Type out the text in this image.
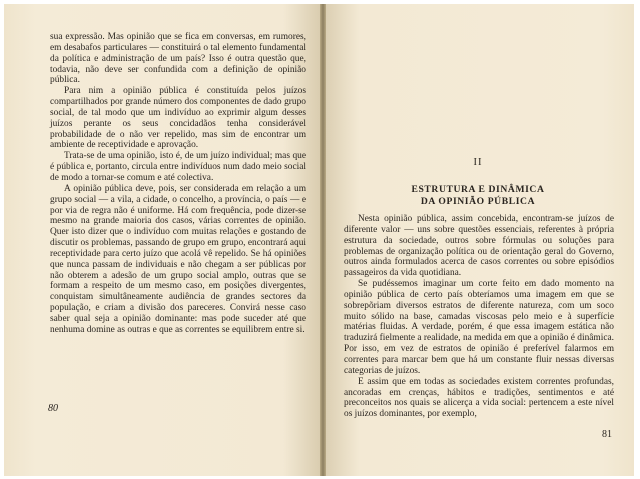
sua expressão. Mas opinião que se fica em conversas, em rumores, em desabafos particulares — constituirá o tal elemento fundamental da política e administração de um país? Isso é outra questão que, todavia, não deve ser confundida com a definição de opinião pública.

Para nim a opinião pública é constituída pelos juízos compartilhados por grande número dos componentes de dado grupo social, de tal modo que um indivíduo ao exprimir algum desses juízos perante os seus concidadãos tenha considerável probabilidade de o não ver repelido, mas sim de encontrar um ambiente de receptividade e aprovação.

Trata-se de uma opinião, isto é, de um juízo individual; mas que é pública e, portanto, circula entre indivíduos num dado meio social de modo a tornar-se comum e até colectiva.

A opinião pública deve, pois, ser considerada em relação a um grupo social — a vila, a cidade, o concelho, a província, o país — e por via de regra não é uniforme. Há com frequência, pode dizer-se mesmo na grande maioria dos casos, várias correntes de opinião. Quer isto dizer que o indivíduo com muitas relações e gostando de discutir os problemas, passando de grupo em grupo, encontrará aqui receptividade para certo juízo que acolá vê repelido. Se há opiniões que nunca passam de individuais e não chegam a ser públicas por não obterem a adesão de um grupo social amplo, outras que se formam a respeito de um mesmo caso, em posições divergentes, conquistam simultâneamente audiência de grandes sectores da população, e criam a divisão dos pareceres. Convirá nesse caso saber qual seja a opinião dominante: mas pode suceder até que nenhuma domine as outras e que as correntes se equilibrem entre si.

80
II
ESTRUTURA E DINÂMICA
DA OPINIÃO PÚBLICA

Nesta opinião pública, assim concebida, encontram-se juízos de diferente valor — uns sobre questões essenciais, referentes à própria estrutura da sociedade, outros sobre fórmulas ou soluções para problemas de organização política ou de orientação geral do Governo, outros ainda formulados acerca de casos correntes ou sobre episódios passageiros da vida quotidiana.

Se pudéssemos imaginar um corte feito em dado momento na opinião pública de certo país obteríamos uma imagem em que se sobrepõriam diversos estratos de diferente natureza, com um soco muito sólido na base, camadas viscosas pelo meio e à superfície matérias fluidas. A verdade, porém, é que essa imagem estática não traduzirá fielmente a realidade, na medida em que a opinião é dinâmica. Por isso, em vez de estratos de opinião é preferível falarmos em correntes para marcar bem que há um constante fluir nessas diversas categorias de juízos.

E assim que em todas as sociedades existem correntes profundas, ancoradas em crenças, hábitos e tradições, sentimentos e até preconceitos nos quais se alicerça a vida social: pertencem a este nível os juízos dominantes, por exemplo,

81
